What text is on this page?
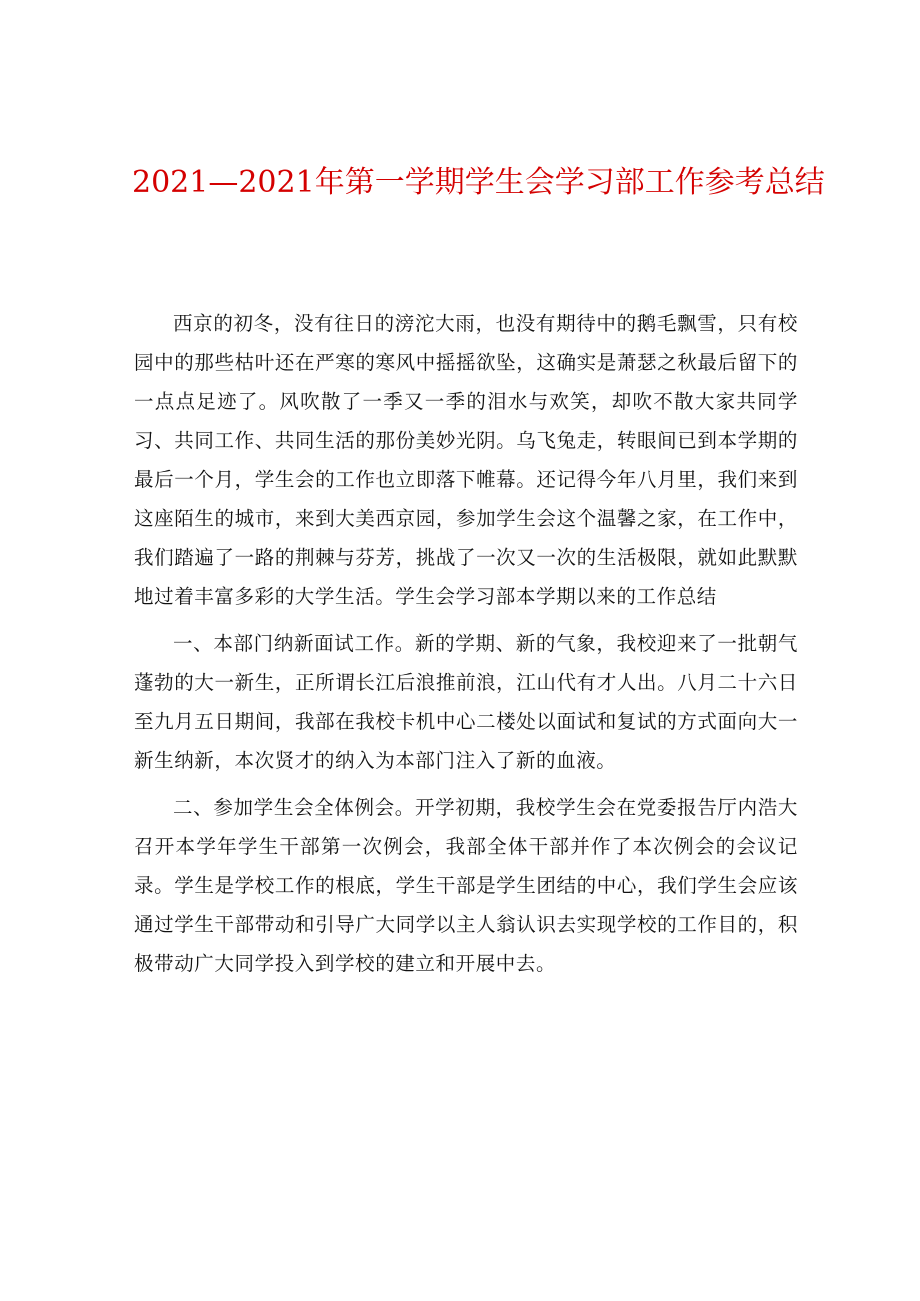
2021—2021年第一学期学生会学习部工作参考总结

西京的初冬，没有往日的滂沱大雨，也没有期待中的鹅毛飘雪，只有校园中的那些枯叶还在严寒的寒风中摇摇欲坠，这确实是萧瑟之秋最后留下的一点点足迹了。风吹散了一季又一季的泪水与欢笑，却吹不散大家共同学习、共同工作、共同生活的那份美妙光阴。乌飞兔走，转眼间已到本学期的最后一个月，学生会的工作也立即落下帷幕。还记得今年八月里，我们来到这座陌生的城市，来到大美西京园，参加学生会这个温馨之家，在工作中，我们踏遍了一路的荆棘与芬芳，挑战了一次又一次的生活极限，就如此默默地过着丰富多彩的大学生活。学生会学习部本学期以来的工作总结

一、本部门纳新面试工作。新的学期、新的气象，我校迎来了一批朝气蓬勃的大一新生，正所谓长江后浪推前浪，江山代有才人出。八月二十六日至九月五日期间，我部在我校卡机中心二楼处以面试和复试的方式面向大一新生纳新，本次贤才的纳入为本部门注入了新的血液。

二、参加学生会全体例会。开学初期，我校学生会在党委报告厅内浩大召开本学年学生干部第一次例会，我部全体干部并作了本次例会的会议记录。学生是学校工作的根底，学生干部是学生团结的中心，我们学生会应该通过学生干部带动和引导广大同学以主人翁认识去实现学校的工作目的，积极带动广大同学投入到学校的建立和开展中去。
